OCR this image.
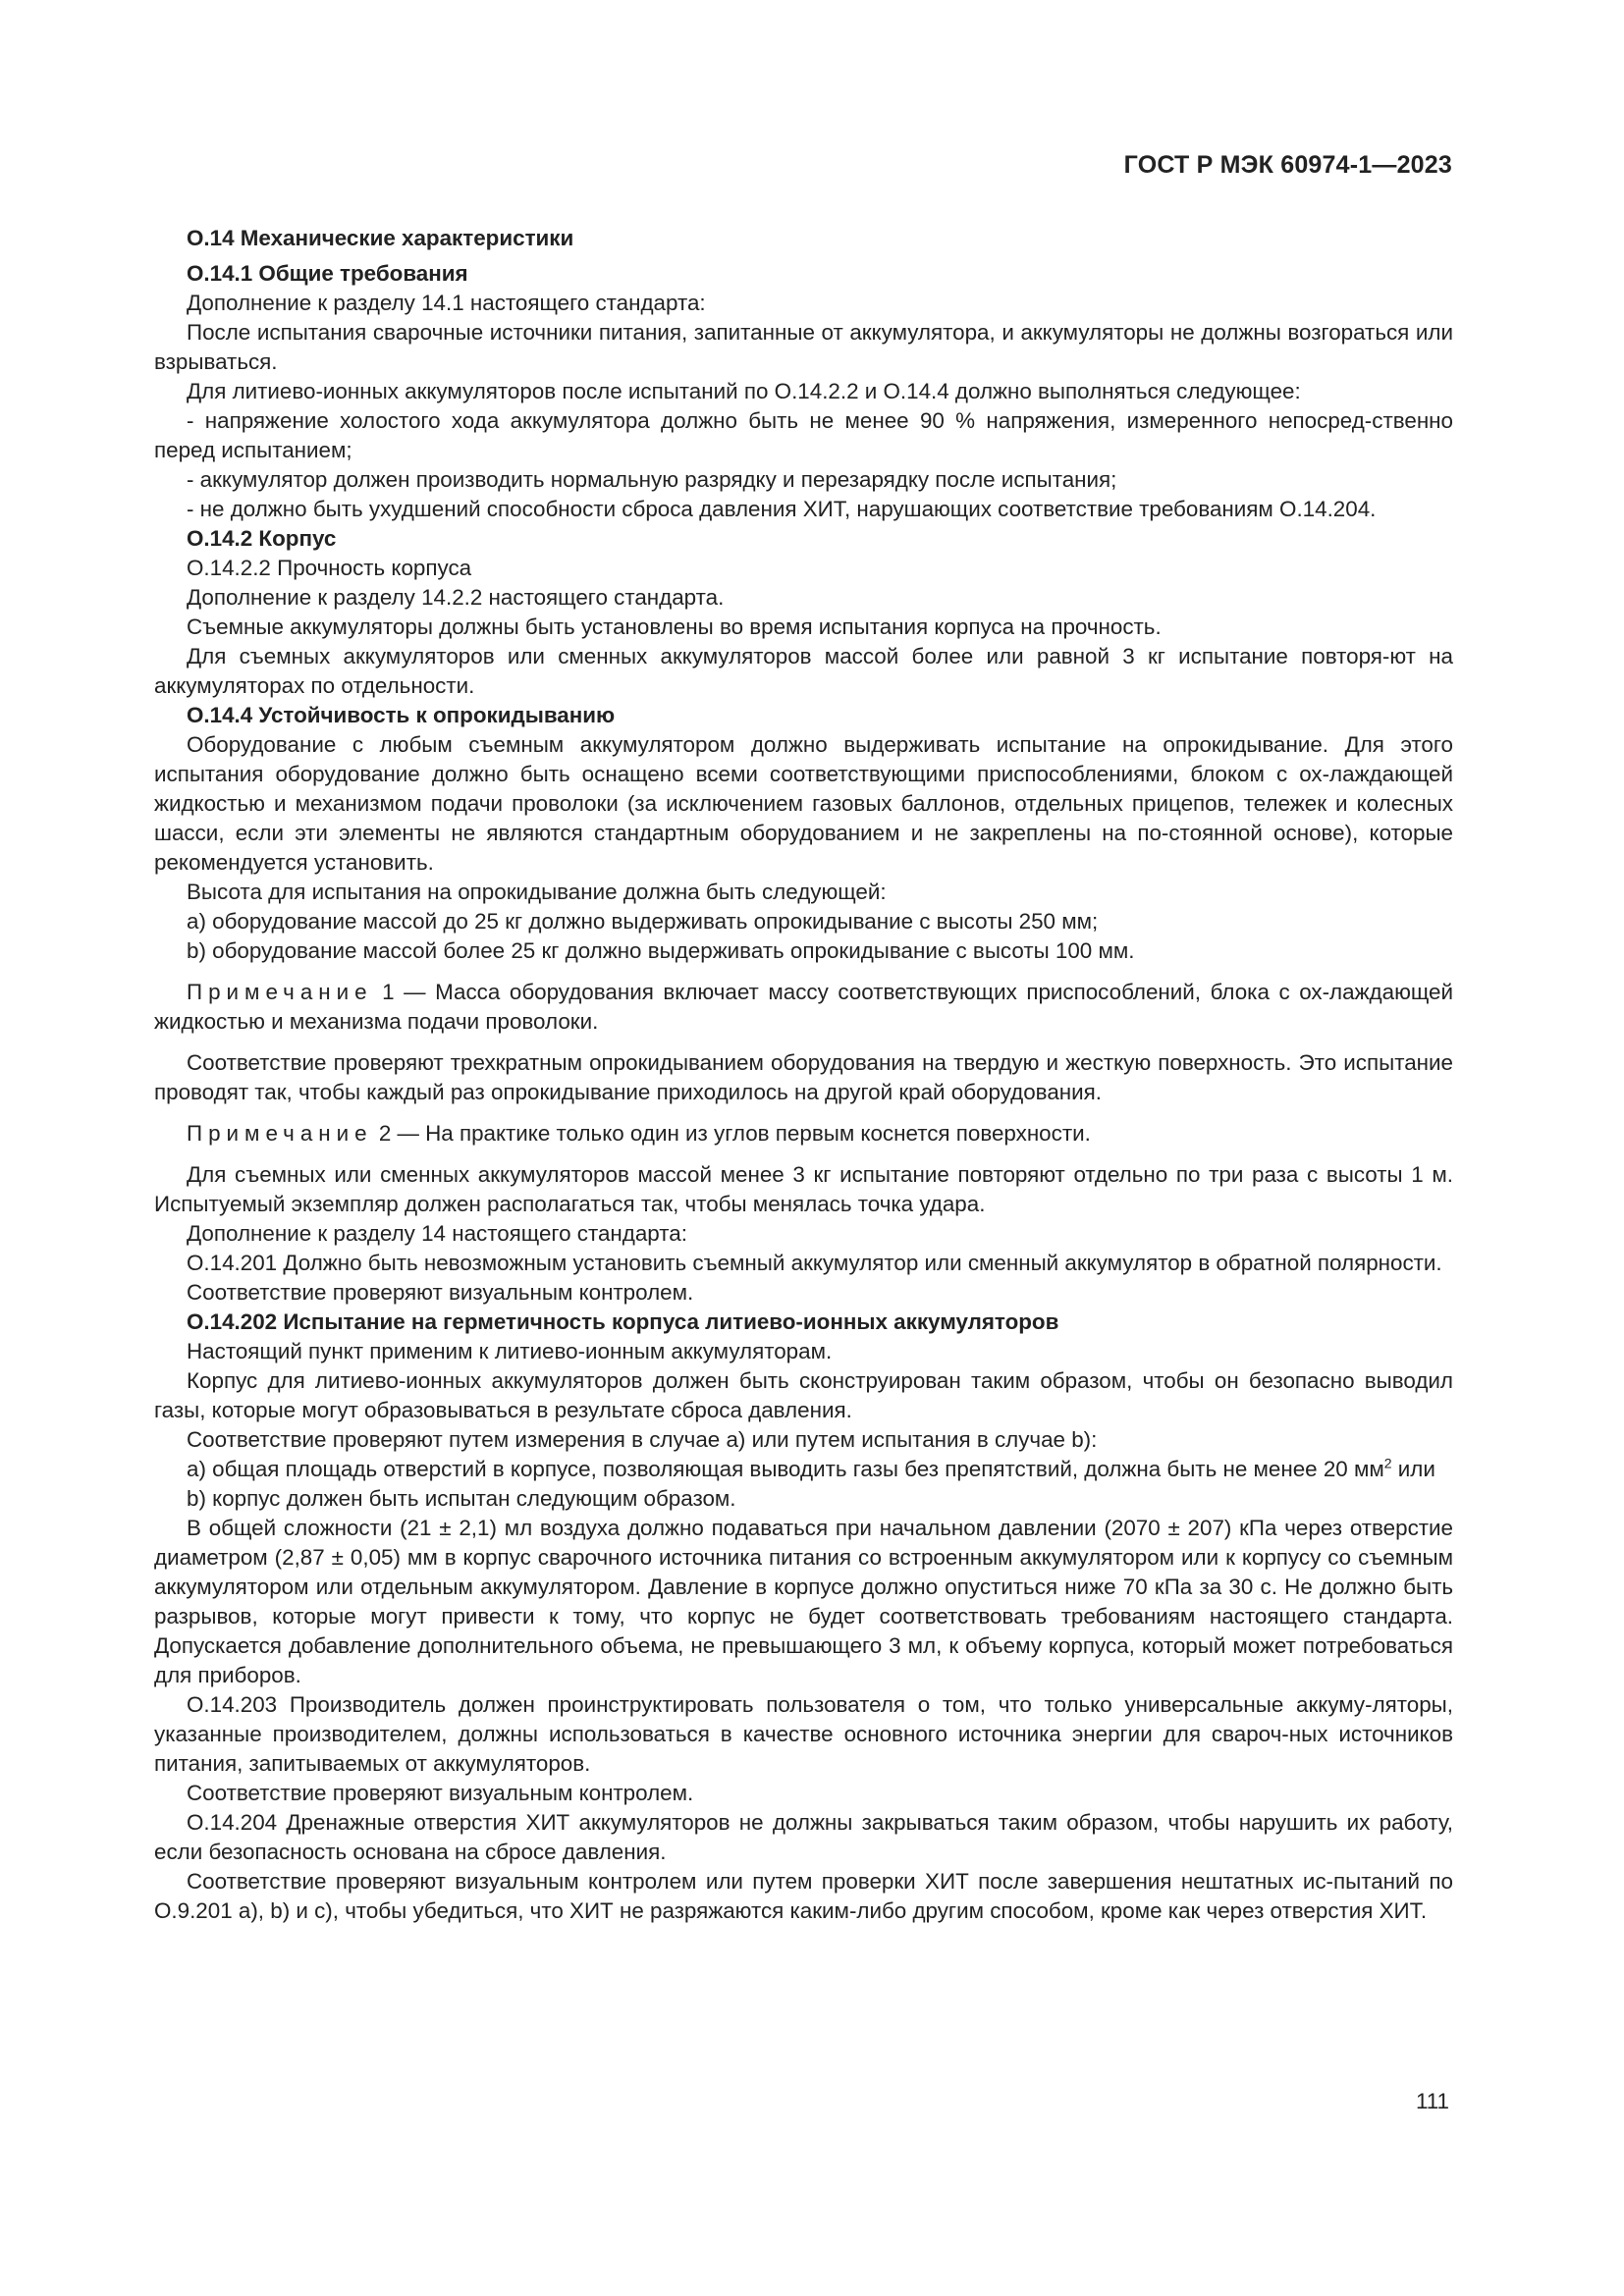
ГОСТ Р МЭК 60974-1—2023

О.14 Механические характеристики

О.14.1 Общие требования

Дополнение к разделу 14.1 настоящего стандарта:

После испытания сварочные источники питания, запитанные от аккумулятора, и аккумуляторы не должны возгораться или взрываться.

Для литиево-ионных аккумуляторов после испытаний по О.14.2.2 и О.14.4 должно выполняться следующее:

- напряжение холостого хода аккумулятора должно быть не менее 90 % напряжения, измеренного непосред-ственно перед испытанием;

- аккумулятор должен производить нормальную разрядку и перезарядку после испытания;

- не должно быть ухудшений способности сброса давления ХИТ, нарушающих соответствие требованиям О.14.204.

О.14.2 Корпус

О.14.2.2 Прочность корпуса

Дополнение к разделу 14.2.2 настоящего стандарта.

Съемные аккумуляторы должны быть установлены во время испытания корпуса на прочность.

Для съемных аккумуляторов или сменных аккумуляторов массой более или равной 3 кг испытание повторя-ют на аккумуляторах по отдельности.

О.14.4 Устойчивость к опрокидыванию

Оборудование с любым съемным аккумулятором должно выдерживать испытание на опрокидывание. Для этого испытания оборудование должно быть оснащено всеми соответствующими приспособлениями, блоком с ох-лаждающей жидкостью и механизмом подачи проволоки (за исключением газовых баллонов, отдельных прицепов, тележек и колесных шасси, если эти элементы не являются стандартным оборудованием и не закреплены на по-стоянной основе), которые рекомендуется установить.

Высота для испытания на опрокидывание должна быть следующей:

а) оборудование массой до 25 кг должно выдерживать опрокидывание с высоты 250 мм;

b) оборудование массой более 25 кг должно выдерживать опрокидывание с высоты 100 мм.

Примечание 1 — Масса оборудования включает массу соответствующих приспособлений, блока с ох-лаждающей жидкостью и механизма подачи проволоки.

Соответствие проверяют трехкратным опрокидыванием оборудования на твердую и жесткую поверхность. Это испытание проводят так, чтобы каждый раз опрокидывание приходилось на другой край оборудования.

Примечание 2 — На практике только один из углов первым коснется поверхности.

Для съемных или сменных аккумуляторов массой менее 3 кг испытание повторяют отдельно по три раза с высоты 1 м. Испытуемый экземпляр должен располагаться так, чтобы менялась точка удара.

Дополнение к разделу 14 настоящего стандарта:

О.14.201 Должно быть невозможным установить съемный аккумулятор или сменный аккумулятор в обратной полярности.

Соответствие проверяют визуальным контролем.

О.14.202 Испытание на герметичность корпуса литиево-ионных аккумуляторов

Настоящий пункт применим к литиево-ионным аккумуляторам.

Корпус для литиево-ионных аккумуляторов должен быть сконструирован таким образом, чтобы он безопасно выводил газы, которые могут образовываться в результате сброса давления.

Соответствие проверяют путем измерения в случае а) или путем испытания в случае b):

а) общая площадь отверстий в корпусе, позволяющая выводить газы без препятствий, должна быть не менее 20 $мм^2$ или

b) корпус должен быть испытан следующим образом.

В общей сложности (21 ± 2,1) мл воздуха должно подаваться при начальном давлении (2070 ± 207) кПа через отверстие диаметром (2,87 ± 0,05) мм в корпус сварочного источника питания со встроенным аккумулятором или к корпусу со съемным аккумулятором или отдельным аккумулятором. Давление в корпусе должно опуститься ниже 70 кПа за 30 с. Не должно быть разрывов, которые могут привести к тому, что корпус не будет соответствовать требованиям настоящего стандарта. Допускается добавление дополнительного объема, не превышающего 3 мл, к объему корпуса, который может потребоваться для приборов.

О.14.203 Производитель должен проинструктировать пользователя о том, что только универсальные аккуму-ляторы, указанные производителем, должны использоваться в качестве основного источника энергии для свароч-ных источников питания, запитываемых от аккумуляторов.

Соответствие проверяют визуальным контролем.

О.14.204 Дренажные отверстия ХИТ аккумуляторов не должны закрываться таким образом, чтобы нарушить их работу, если безопасность основана на сбросе давления.

Соответствие проверяют визуальным контролем или путем проверки ХИТ после завершения нештатных ис-пытаний по О.9.201 а), b) и с), чтобы убедиться, что ХИТ не разряжаются каким-либо другим способом, кроме как через отверстия ХИТ.

111
